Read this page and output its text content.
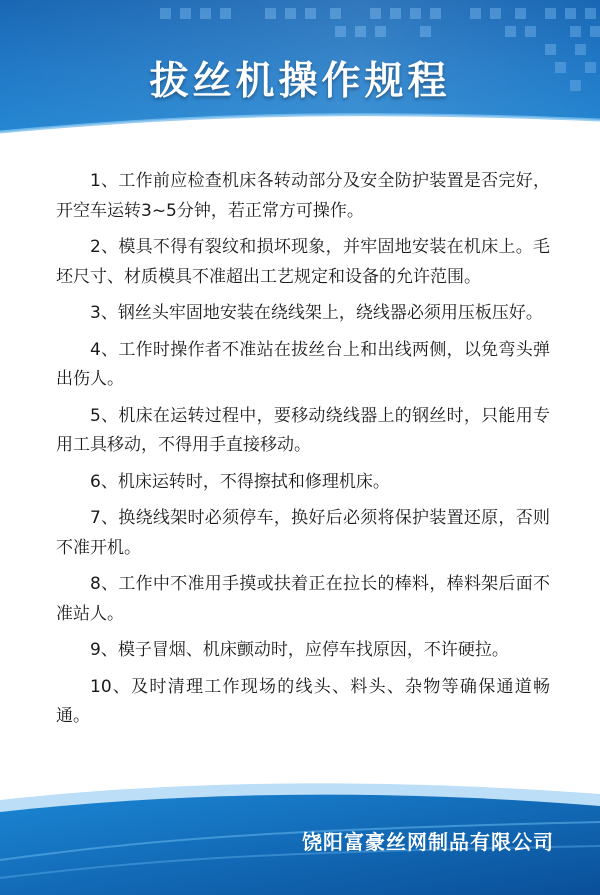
拔丝机操作规程

1、工作前应检查机床各转动部分及安全防护装置是否完好，开空车运转3~5分钟，若正常方可操作。

2、模具不得有裂纹和损坏现象，并牢固地安装在机床上。毛坯尺寸、材质模具不准超出工艺规定和设备的允许范围。

3、钢丝头牢固地安装在绕线架上，绕线器必须用压板压好。

4、工作时操作者不准站在拔丝台上和出线两侧，以免弯头弹出伤人。

5、机床在运转过程中，要移动绕线器上的钢丝时，只能用专用工具移动，不得用手直接移动。

6、机床运转时，不得擦拭和修理机床。

7、换绕线架时必须停车，换好后必须将保护装置还原，否则不准开机。

8、工作中不准用手摸或扶着正在拉长的棒料，棒料架后面不准站人。

9、模子冒烟、机床颤动时，应停车找原因，不许硬拉。

10、及时清理工作现场的线头、料头、杂物等确保通道畅通。

饶阳富豪丝网制品有限公司
